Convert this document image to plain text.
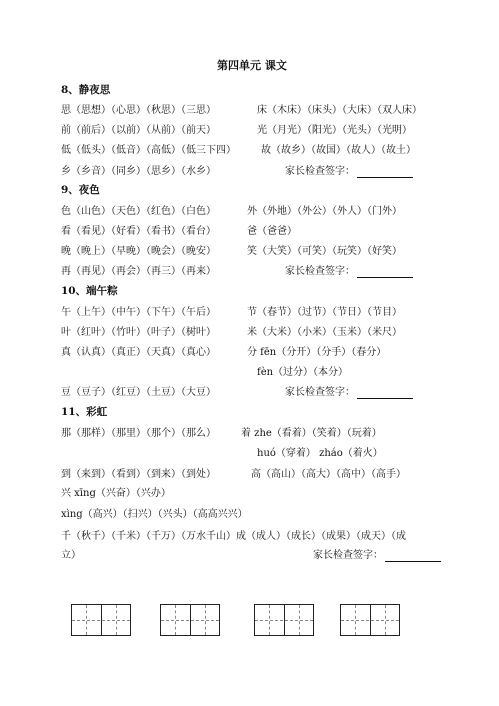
第四单元 课文
8、静夜思
思（思想）（心思）（秋思）（三思）	床（木床）（床头）（大床）（双人床）
前（前后）（以前）（从前）（前天）	光（月光）（阳光）（光头）（光明）
低（低头）（低音）（高低）（低三下四）	故（故乡）（故国）（故人）（故土）
乡（乡音）（同乡）（思乡）（水乡）	家长检查签字：
9、夜色
色（山色）（天色）（红色）（白色）	外（外地）（外公）（外人）（门外）
看（看见）（好看）（看书）（看台）	爸（爸爸）
晚（晚上）（早晚）（晚会）（晚安）	笑（大笑）（可笑）（玩笑）（好笑）
再（再见）（再会）（再三）（再来）	家长检查签字：
10、端午粽
午（上午）（中午）（下午）（午后）	节（春节）（过节）（节日）（节目）
叶（红叶）（竹叶）（叶子）（树叶）	米（大米）（小米）（玉米）（米尺）
真（认真）（真正）（天真）（真心）	分 fēn（分开）（分手）（春分）
fèn（过分）（本分）
豆（豆子）（红豆）（土豆）（大豆）	家长检查签字：
11、彩虹
那（那样）（那里）（那个）（那么）	着 zhe（看着）（笑着）（玩着）
huó（穿着） zháo（着火）
到（来到）（看到）（到来）（到处）	高（高山）（高大）（高中）（高手）
兴 xīng（兴奋）（兴办）
xìng（高兴）（扫兴）（兴头）（高高兴兴）
千（秋千）（千米）（千万）（万水千山）成（成人）（成长）（成果）（成天）（成
立）	家长检查签字：
